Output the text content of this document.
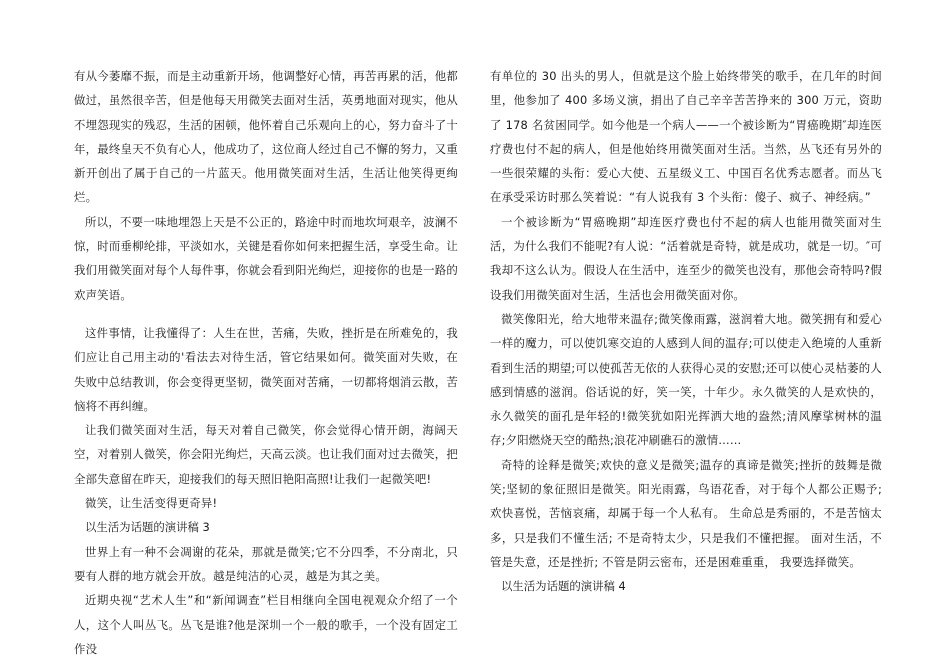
有从今萎靡不振，而是主动重新开场，他调整好心情，再苦再累的活，他都做过，虽然很辛苦，但是他每天用微笑去面对生活，英勇地面对现实，他从不埋怨现实的残忍，生活的困顿，他怀着自己乐观向上的心，努力奋斗了十年，最终皇天不负有心人，他成功了，这位商人经过自己不懈的努力，又重新开创出了属于自己的一片蓝天。他用微笑面对生活，生活让他笑得更绚烂。

所以，不要一味地埋怨上天是不公正的，路途中时而地坎坷艰辛，波澜不惊，时而垂柳纶排，平淡如水，关键是看你如何来把握生活，享受生命。让我们用微笑面对每个人每件事，你就会看到阳光绚烂，迎接你的也是一路的欢声笑语。

这件事情，让我懂得了：人生在世，苦痛，失败，挫折是在所难免的，我们应让自己用主动的'看法去对待生活，管它结果如何。微笑面对失败，在失败中总结教训，你会变得更坚韧，微笑面对苦痛，一切都将烟消云散，苦恼将不再纠缠。

让我们微笑面对生活，每天对着自己微笑，你会觉得心情开朗，海阔天空，对着别人微笑，你会阳光绚烂，天高云淡。也让我们面对过去微笑，把全部失意留在昨天，迎接我们的每天照旧艳阳高照!让我们一起微笑吧!

微笑，让生活变得更奇异!

以生活为话题的演讲稿 3

世界上有一种不会凋谢的花朵，那就是微笑;它不分四季，不分南北，只要有人群的地方就会开放。越是纯洁的心灵，越是为其之美。

近期央视“艺术人生”和“新闻调查”栏目相继向全国电视观众介绍了一个人，这个人叫丛飞。丛飞是谁?他是深圳一个一般的歌手，一个没有固定工作没

有单位的 30 出头的男人，但就是这个脸上始终带笑的歌手，在几年的时间里，他参加了 400 多场义演，捐出了自己辛辛苦苦挣来的 300 万元，资助了 178 名贫困同学。如今他是一个病人——一个被诊断为“胃癌晚期″却连医疗费也付不起的病人，但是他始终用微笑面对生活。当然，丛飞还有另外的一些很荣耀的头衔：爱心大使、五星级义工、中国百名优秀志愿者。而丛飞在承受采访时那么笑着说：“有人说我有 3 个头衔：傻子、疯子、神经病。”

一个被诊断为“胃癌晚期”却连医疗费也付不起的病人也能用微笑面对生活，为什么我们不能呢?有人说：“活着就是奇特，就是成功，就是一切。″可我却不这么认为。假设人在生活中，连至少的微笑也没有，那他会奇特吗?假设我们用微笑面对生活，生活也会用微笑面对你。

微笑像阳光，给大地带来温存;微笑像雨露，滋润着大地。微笑拥有和爱心一样的魔力，可以使饥寒交迫的人感到人间的温存;可以使走入绝境的人重新看到生活的期望;可以使孤苦无依的人获得心灵的安慰;还可以使心灵枯萎的人感到情感的滋润。俗话说的好，笑一笑，十年少。永久微笑的人是欢快的，永久微笑的面孔是年轻的!微笑犹如阳光挥洒大地的盎然;清风摩挲树林的温存;夕阳燃烧天空的酷热;浪花冲刷礁石的激情……

奇特的诠释是微笑;欢快的意义是微笑;温存的真谛是微笑;挫折的鼓舞是微笑;坚韧的象征照旧是微笑。阳光雨露，鸟语花香，对于每个人都公正赐予; 欢快喜悦，苦恼哀痛，却属于每一个人私有。 生命总是秀丽的，不是苦恼太多，只是我们不懂生活; 不是奇特太少，只是我们不懂把握。 面对生活，不管是失意，还是挫折; 不管是阴云密布，还是困难重重， 我要选择微笑。

以生活为话题的演讲稿 4
